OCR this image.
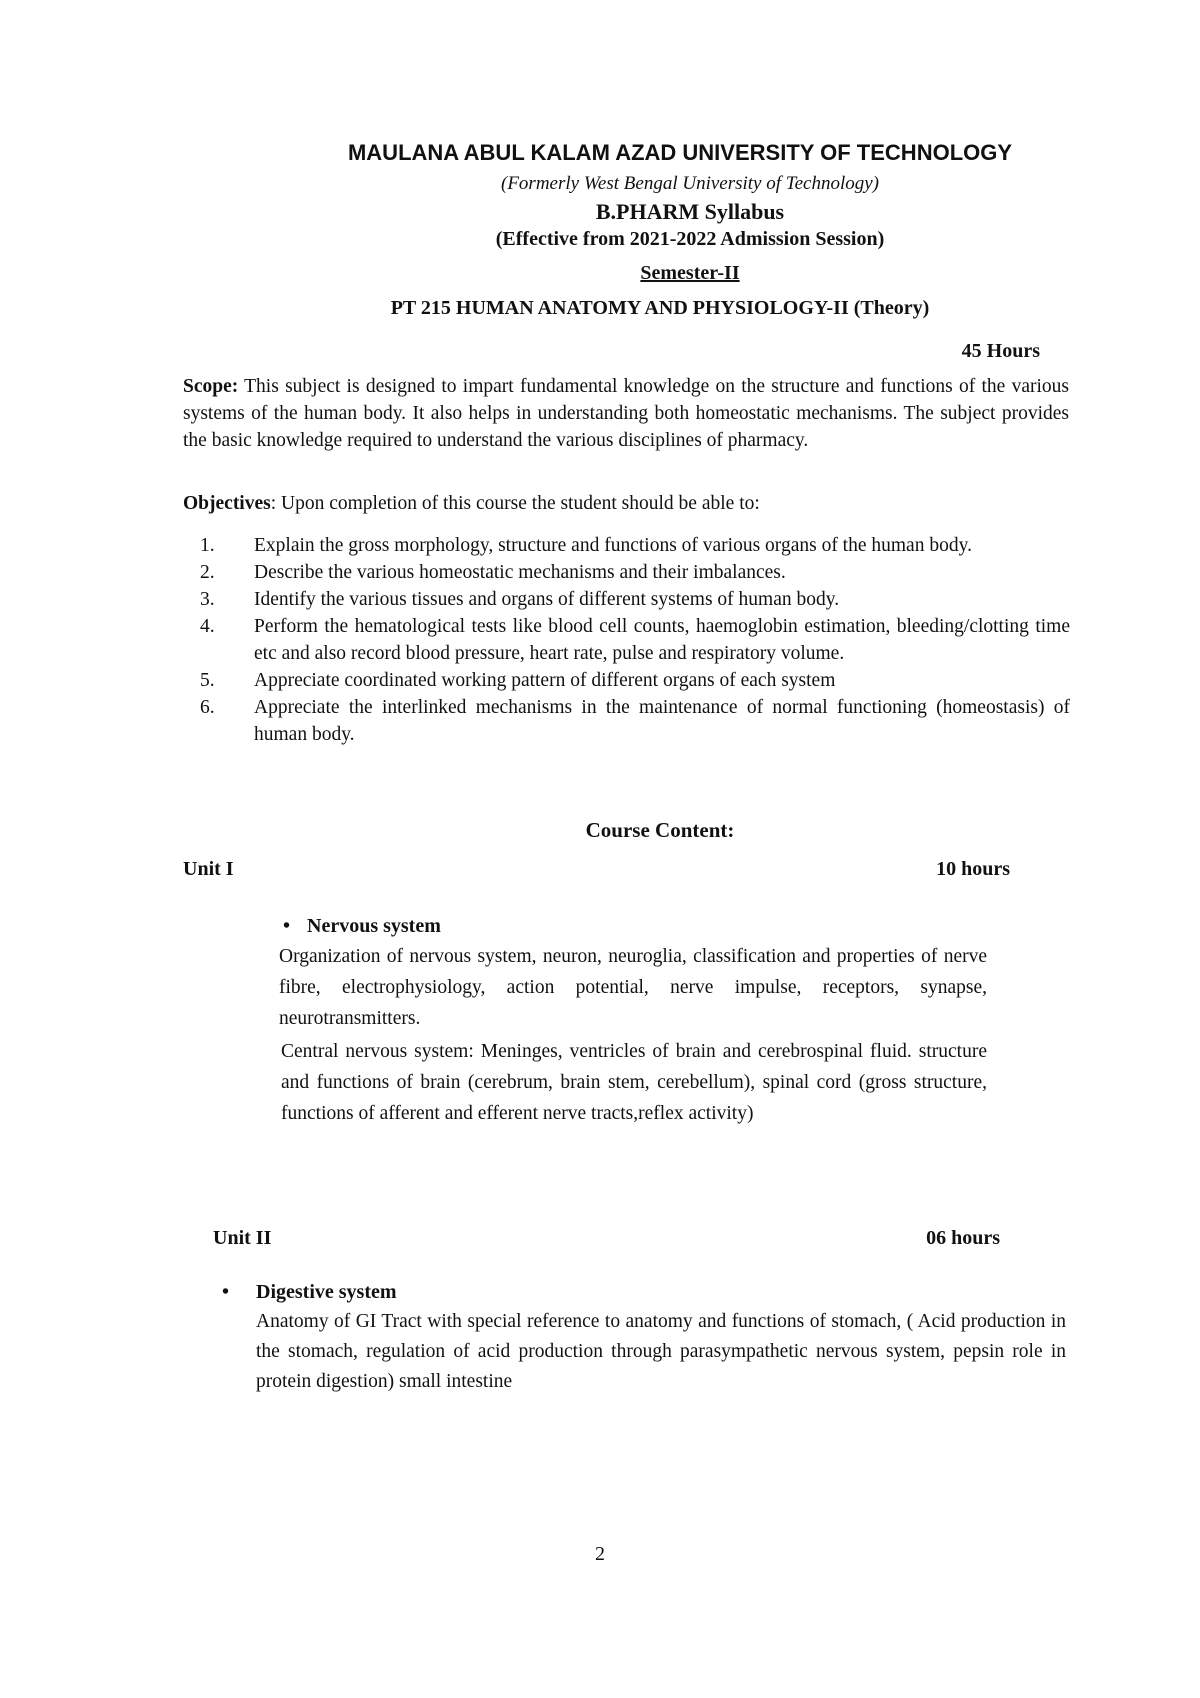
MAULANA ABUL KALAM AZAD UNIVERSITY OF TECHNOLOGY
(Formerly West Bengal University of Technology)
B.PHARM Syllabus
(Effective from 2021-2022 Admission Session)
Semester-II
PT 215 HUMAN ANATOMY AND PHYSIOLOGY-II (Theory)
45 Hours
Scope: This subject is designed to impart fundamental knowledge on the structure and functions of the various systems of the human body. It also helps in understanding both homeostatic mechanisms. The subject provides the basic knowledge required to understand the various disciplines of pharmacy.
Objectives: Upon completion of this course the student should be able to:
1.	Explain the gross morphology, structure and functions of various organs of the human body.
2.	Describe the various homeostatic mechanisms and their imbalances.
3.	Identify the various tissues and organs of different systems of human body.
4.	Perform the hematological tests like blood cell counts, haemoglobin estimation, bleeding/clotting time etc and also record blood pressure, heart rate, pulse and respiratory volume.
5.	Appreciate coordinated working pattern of different organs of each system
6.	Appreciate the interlinked mechanisms in the maintenance of normal functioning (homeostasis) of human body.
Course Content:
Unit I	10 hours
• Nervous system
Organization of nervous system, neuron, neuroglia, classification and properties of nerve fibre, electrophysiology, action potential, nerve impulse, receptors, synapse, neurotransmitters.
Central nervous system: Meninges, ventricles of brain and cerebrospinal fluid. structure and functions of brain (cerebrum, brain stem, cerebellum), spinal cord (gross structure, functions of afferent and efferent nerve tracts,reflex activity)
Unit II	06 hours
• Digestive system
Anatomy of GI Tract with special reference to anatomy and functions of stomach, ( Acid production in the stomach, regulation of acid production through parasympathetic nervous system, pepsin role in protein digestion) small intestine
2
